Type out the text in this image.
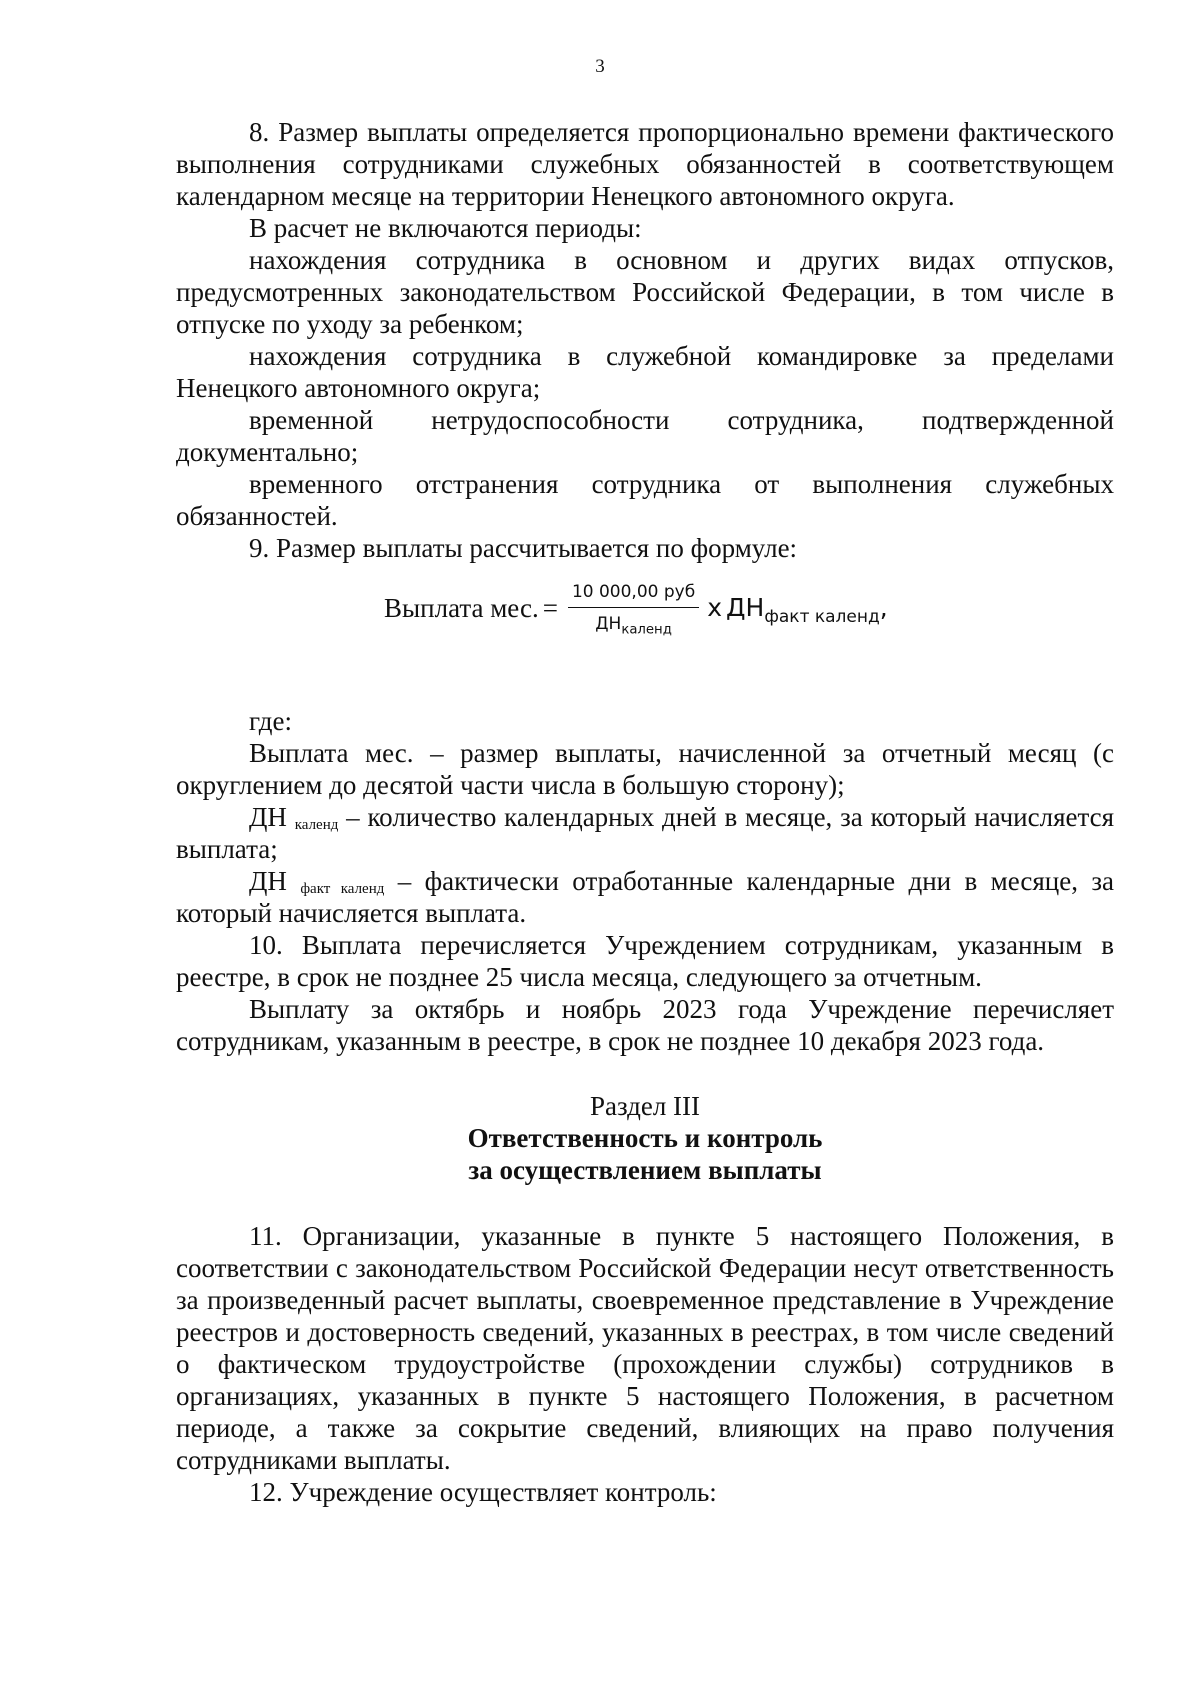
3

8. Размер выплаты определяется пропорционально времени фактического выполнения сотрудниками служебных обязанностей в соответствующем календарном месяце на территории Ненецкого автономного округа.

В расчет не включаются периоды:

нахождения сотрудника в основном и других видах отпусков, предусмотренных законодательством Российской Федерации, в том числе в отпуске по уходу за ребенком;

нахождения сотрудника в служебной командировке за пределами Ненецкого автономного округа;

временной нетрудоспособности сотрудника, подтвержденной документально;

временного отстранения сотрудника от выполнения служебных обязанностей.

9. Размер выплаты рассчитывается по формуле:

Выплата мес. = $\frac{\text{10 000,00 руб}}{ДН_{календ}}$ х $ДН_{факт календ}$,

где:

Выплата мес. – размер выплаты, начисленной за отчетный месяц (с округлением до десятой части числа в большую сторону);

ДН календ – количество календарных дней в месяце, за который начисляется выплата;

ДН факт календ – фактически отработанные календарные дни в месяце, за который начисляется выплата.

10. Выплата перечисляется Учреждением сотрудникам, указанным в реестре, в срок не позднее 25 числа месяца, следующего за отчетным.

Выплату за октябрь и ноябрь 2023 года Учреждение перечисляет сотрудникам, указанным в реестре, в срок не позднее 10 декабря 2023 года.

Раздел III
Ответственность и контроль
за осуществлением выплаты

11. Организации, указанные в пункте 5 настоящего Положения, в соответствии с законодательством Российской Федерации несут ответственность за произведенный расчет выплаты, своевременное представление в Учреждение реестров и достоверность сведений, указанных в реестрах, в том числе сведений о фактическом трудоустройстве (прохождении службы) сотрудников в организациях, указанных в пункте 5 настоящего Положения, в расчетном периоде, а также за сокрытие сведений, влияющих на право получения сотрудниками выплаты.

12. Учреждение осуществляет контроль:
